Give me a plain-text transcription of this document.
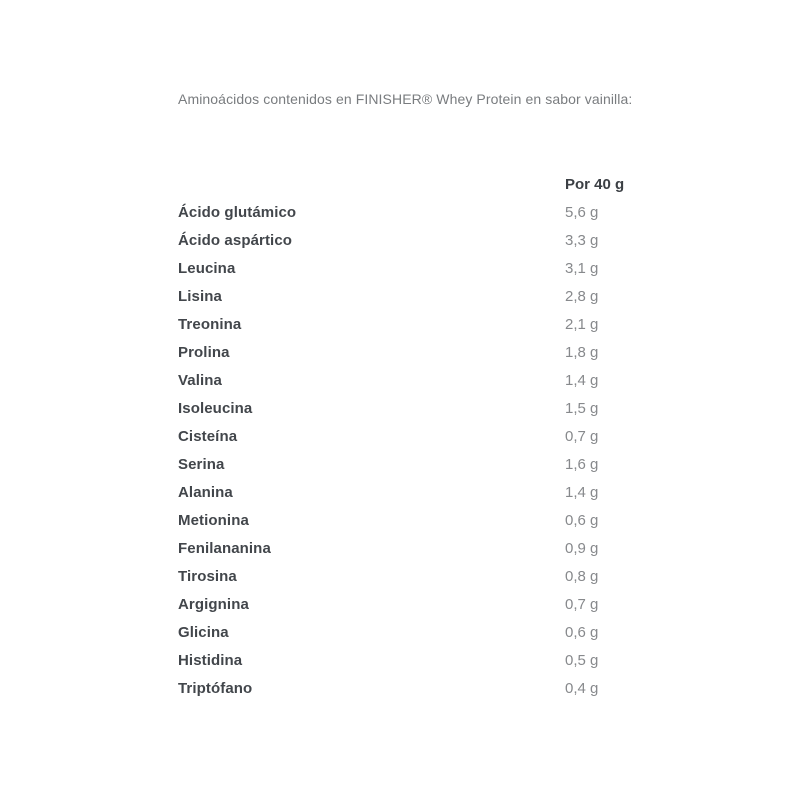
Aminoácidos contenidos en FINISHER® Whey Protein en sabor vainilla:
Por 40 g
Ácido glutámico	5,6 g
Ácido aspártico	3,3 g
Leucina	3,1 g
Lisina	2,8 g
Treonina	2,1 g
Prolina	1,8 g
Valina	1,4 g
Isoleucina	1,5 g
Cisteína	0,7 g
Serina	1,6 g
Alanina	1,4 g
Metionina	0,6 g
Fenilananina	0,9 g
Tirosina	0,8 g
Argignina	0,7 g
Glicina	0,6 g
Histidina	0,5 g
Triptófano	0,4 g
